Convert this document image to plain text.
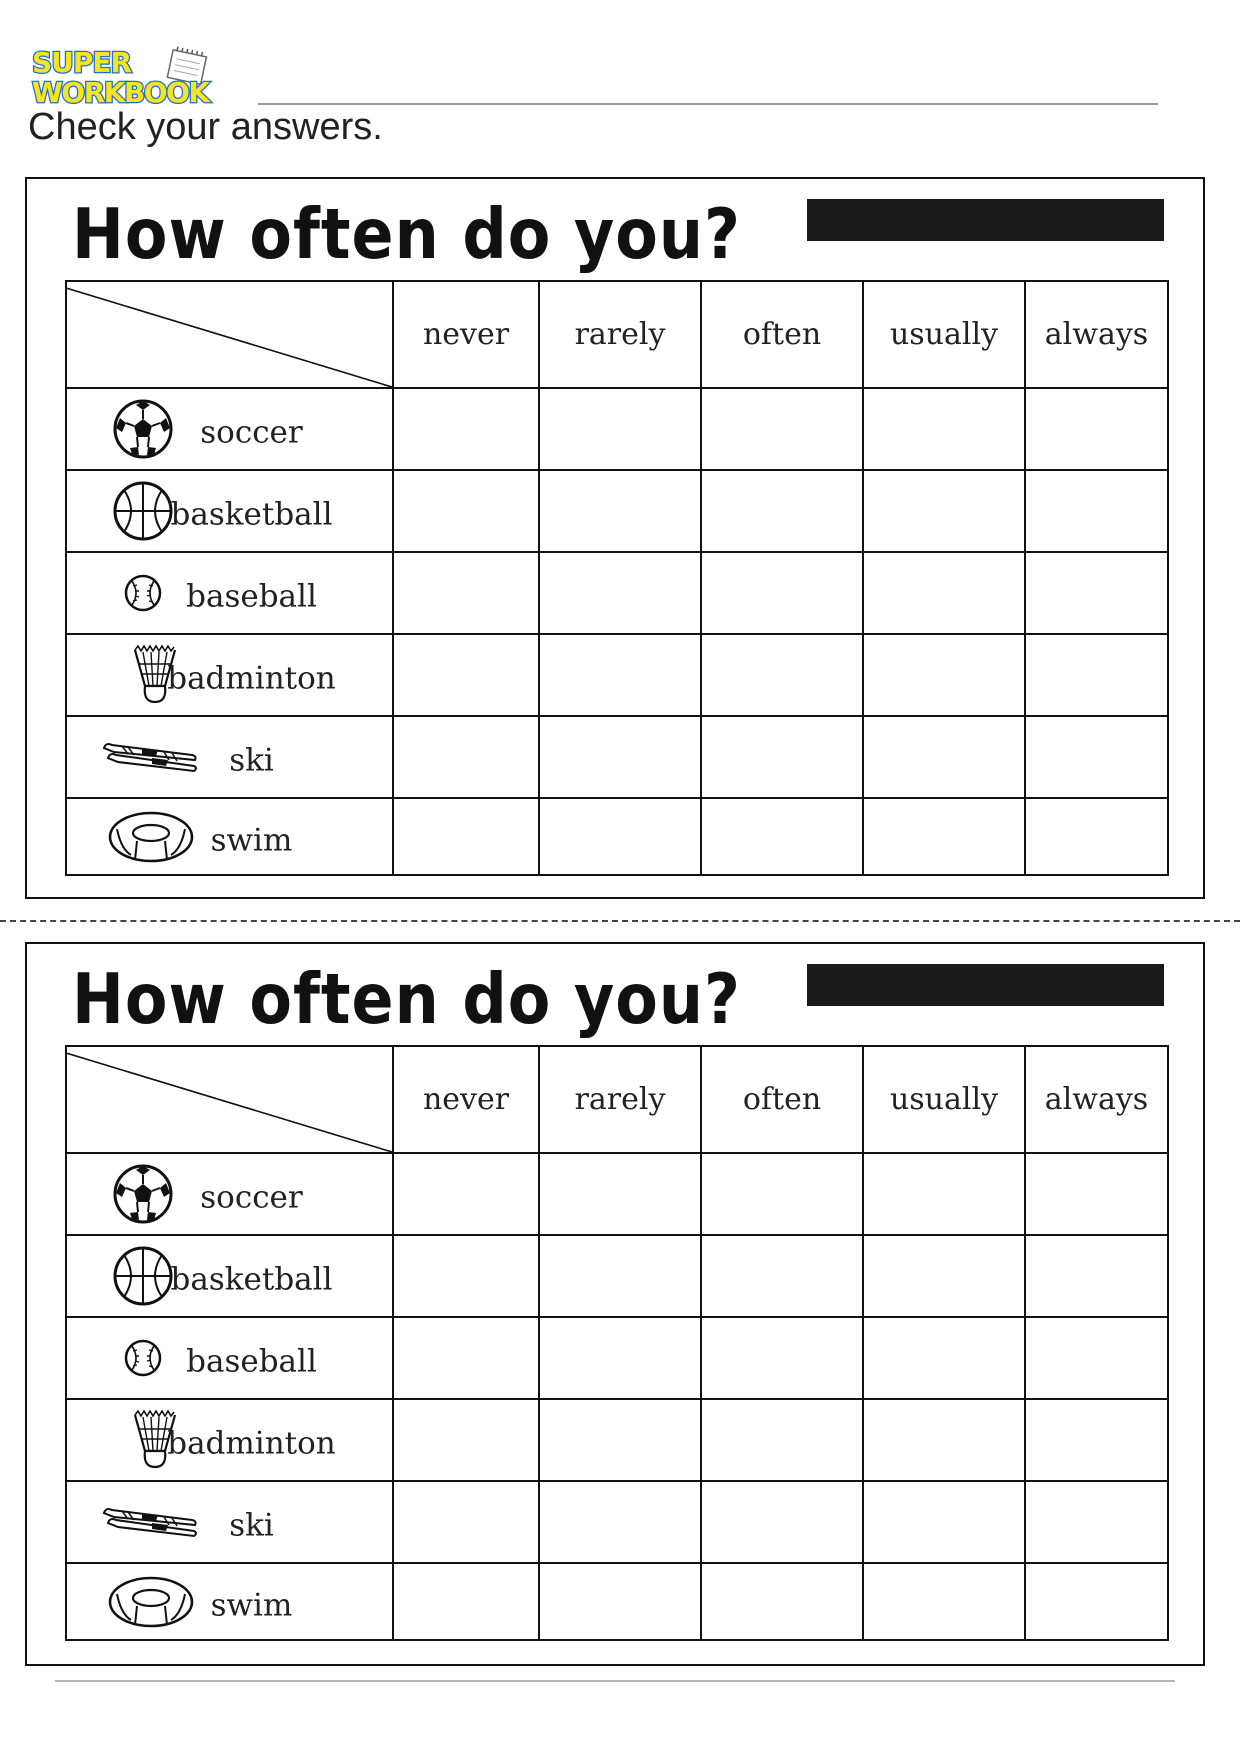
SUPER
WORKBOOK
Check your answers.
How often do you?
	never	rarely	often	usually	always

soccer					

basketball					

baseball					

badminton					

ski					

swim					

How often do you?
	never	rarely	often	usually	always

soccer					

basketball					

baseball					

badminton					

ski					

swim					
